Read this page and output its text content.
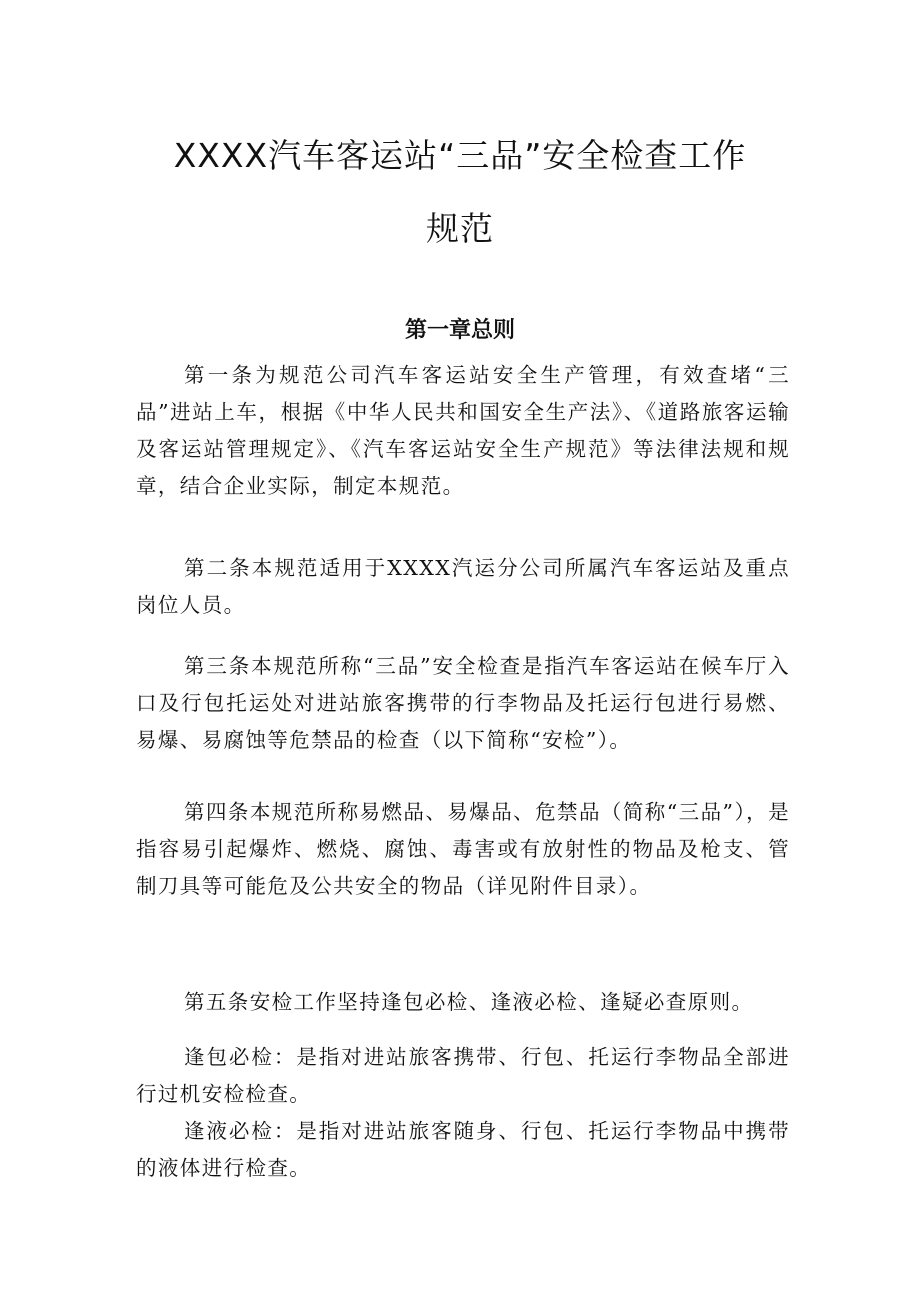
XXXX汽车客运站“三品”安全检查工作
规范
第一章总则

第一条为规范公司汽车客运站安全生产管理，有效查堵“三品”进站上车，根据《中华人民共和国安全生产法》、《道路旅客运输及客运站管理规定》、《汽车客运站安全生产规范》等法律法规和规章，结合企业实际，制定本规范。

第二条本规范适用于XXXX汽运分公司所属汽车客运站及重点岗位人员。

第三条本规范所称“三品”安全检查是指汽车客运站在候车厅入口及行包托运处对进站旅客携带的行李物品及托运行包进行易燃、易爆、易腐蚀等危禁品的检查（以下简称“安检”）。

第四条本规范所称易燃品、易爆品、危禁品（简称“三品”），是指容易引起爆炸、燃烧、腐蚀、毒害或有放射性的物品及枪支、管制刀具等可能危及公共安全的物品（详见附件目录）。

第五条安检工作坚持逢包必检、逢液必检、逢疑必查原则。

逢包必检：是指对进站旅客携带、行包、托运行李物品全部进行过机安检检查。

逢液必检：是指对进站旅客随身、行包、托运行李物品中携带的液体进行检查。
